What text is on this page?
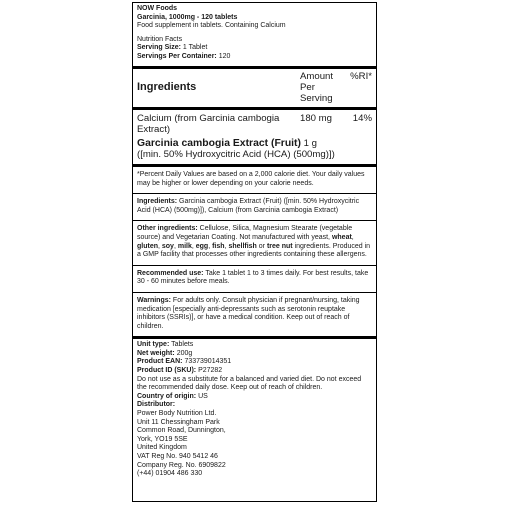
NOW Foods

Garcinia, 1000mg - 120 tablets

Food supplement in tablets. Containing Calcium

Nutrition Facts

Serving Size: 1 Tablet

Servings Per Container: 120

Ingredients
Amount Per Serving
%RI*
Calcium (from Garcinia cambogia Extract)
180 mg	14%

Garcinia cambogia Extract (Fruit) 1 g

([min. 50% Hydroxycitric Acid (HCA) (500mg)])

*Percent Daily Values are based on a 2,000 calorie diet. Your daily values may be higher or lower depending on your calorie needs.
Ingredients: Garcinia cambogia Extract (Fruit) ([min. 50% Hydroxycitric Acid (HCA) (500mg)]), Calcium (from Garcinia cambogia Extract)
Other ingredients: Cellulose, Silica, Magnesium Stearate (vegetable source) and Vegetarian Coating. Not manufactured with yeast, wheat, gluten, soy, milk, egg, fish, shellfish or tree nut ingredients. Produced in a GMP facility that processes other ingredients containing these allergens.
Recommended use: Take 1 tablet 1 to 3 times daily. For best results, take 30 - 60 minutes before meals.
Warnings: For adults only. Consult physician if pregnant/nursing, taking medication [especially anti-depressants such as serotonin reuptake inhibitors (SSRIs)], or have a medical condition. Keep out of reach of children.

Unit type: Tablets

Net weight: 200g

Product EAN: 733739014351

Product ID (SKU): P27282

Do not use as a substitute for a balanced and varied diet. Do not exceed the recommended daily dose. Keep out of reach of children.

Country of origin: US

Distributor:

Power Body Nutrition Ltd.

Unit 11 Chessingham Park

Common Road, Dunnington,

York, YO19 5SE

United Kingdom

VAT Reg No. 940 5412 46

Company Reg. No. 6909822

(+44) 01904 486 330
